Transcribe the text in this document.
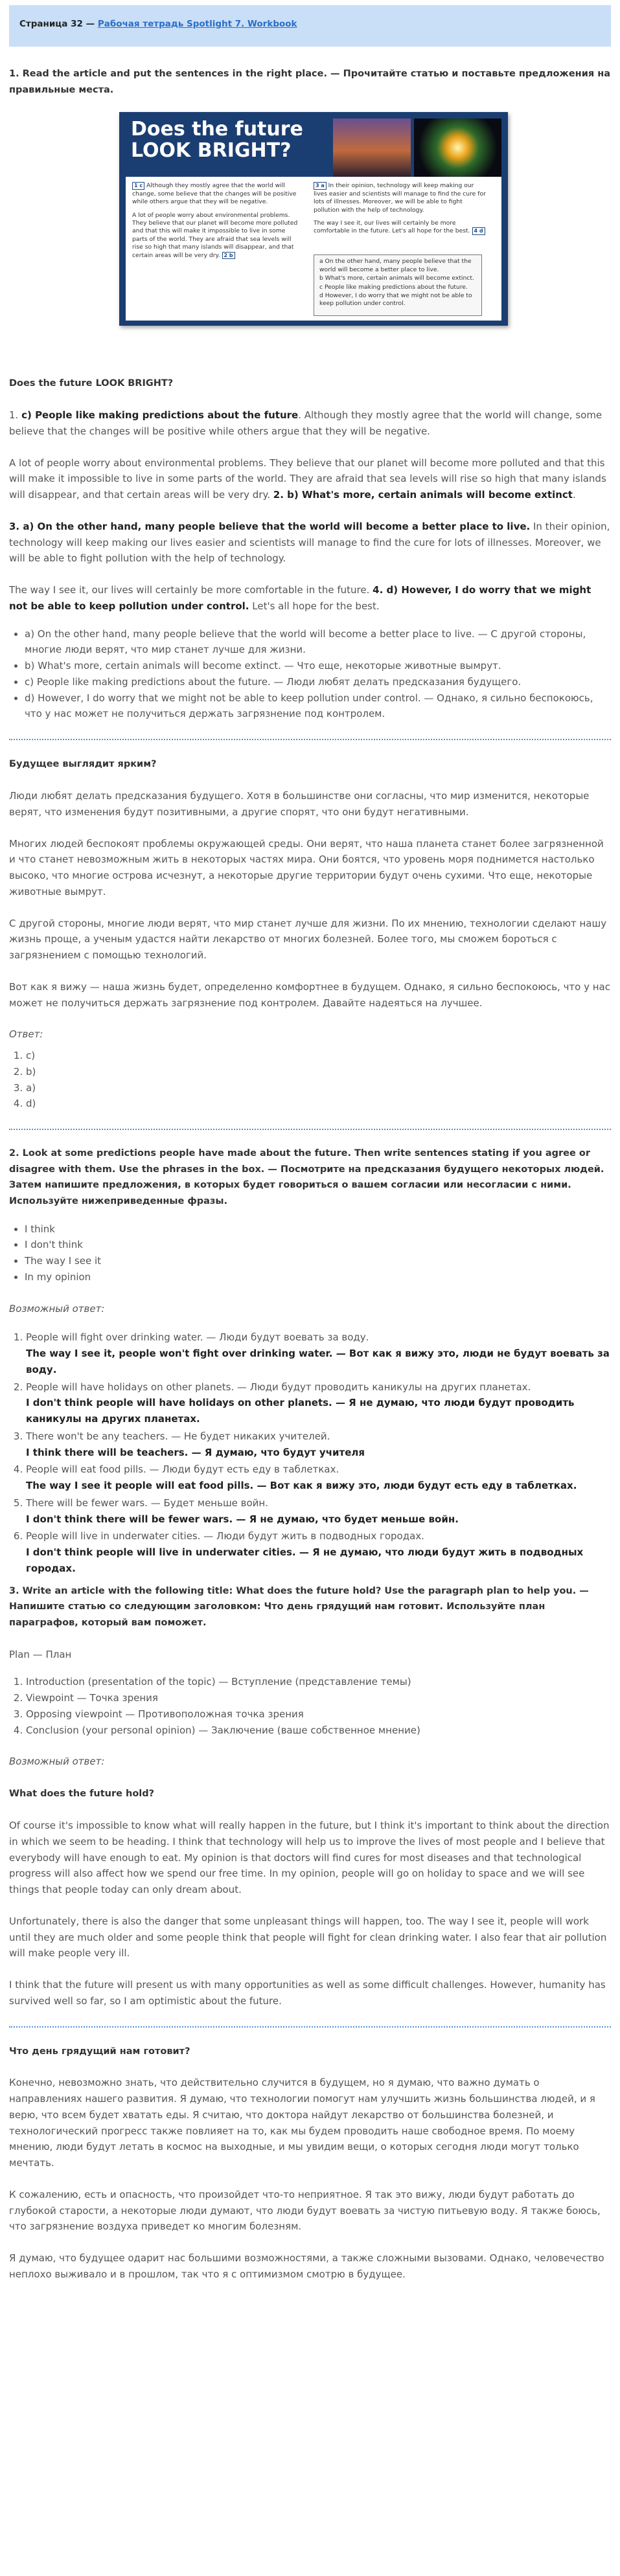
Страница 32 — Рабочая тетрадь Spotlight 7. Workbook
1. Read the article and put the sentences in the right place. — Прочитайте статью и поставьте предложения на правильные места.
Does the future
LOOK BRIGHT?

1 c Although they mostly agree that the world will change, some believe that the changes will be positive while others argue that they will be negative.

A lot of people worry about environmental problems. They believe that our planet will become more polluted and that this will make it impossible to live in some parts of the world. They are afraid that sea levels will rise so high that many islands will disappear, and that certain areas will be very dry. 2 b

3 a In their opinion, technology will keep making our lives easier and scientists will manage to find the cure for lots of illnesses. Moreover, we will be able to fight pollution with the help of technology.

The way I see it, our lives will certainly be more comfortable in the future. Let's all hope for the best. 4 d

a On the other hand, many people believe that the world will become a better place to live.
b What's more, certain animals will become extinct.
c People like making predictions about the future.
d However, I do worry that we might not be able to keep pollution under control.
Does the future LOOK BRIGHT?

1. c) People like making predictions about the future. Although they mostly agree that the world will change, some believe that the changes will be positive while others argue that they will be negative.

A lot of people worry about environmental problems. They believe that our planet will become more polluted and that this will make it impossible to live in some parts of the world. They are afraid that sea levels will rise so high that many islands will disappear, and that certain areas will be very dry. 2. b) What's more, certain animals will become extinct.

3. a) On the other hand, many people believe that the world will become a better place to live. In their opinion, technology will keep making our lives easier and scientists will manage to find the cure for lots of illnesses. Moreover, we will be able to fight pollution with the help of technology.

The way I see it, our lives will certainly be more comfortable in the future. 4. d) However, I do worry that we might not be able to keep pollution under control. Let's all hope for the best.

• a) On the other hand, many people believe that the world will become a better place to live. — С другой стороны, многие люди верят, что мир станет лучше для жизни.
• b) What's more, certain animals will become extinct. — Что еще, некоторые животные вымрут.
• c) People like making predictions about the future. — Люди любят делать предсказания будущего.
• d) However, I do worry that we might not be able to keep pollution under control. — Однако, я сильно беспокоюсь, что у нас может не получиться держать загрязнение под контролем.
Будущее выглядит ярким?

Люди любят делать предсказания будущего. Хотя в большинстве они согласны, что мир изменится, некоторые верят, что изменения будут позитивными, а другие спорят, что они будут негативными.

Многих людей беспокоят проблемы окружающей среды. Они верят, что наша планета станет более загрязненной и что станет невозможным жить в некоторых частях мира. Они боятся, что уровень моря поднимется настолько высоко, что многие острова исчезнут, а некоторые другие территории будут очень сухими. Что еще, некоторые животные вымрут.

С другой стороны, многие люди верят, что мир станет лучше для жизни. По их мнению, технологии сделают нашу жизнь проще, а ученым удастся найти лекарство от многих болезней. Более того, мы сможем бороться с загрязнением с помощью технологий.

Вот как я вижу — наша жизнь будет, определенно комфортнее в будущем. Однако, я сильно беспокоюсь, что у нас может не получиться держать загрязнение под контролем. Давайте надеяться на лучшее.

Ответ:

1. c)
2. b)
3. a)
4. d)
2. Look at some predictions people have made about the future. Then write sentences stating if you agree or disagree with them. Use the phrases in the box. — Посмотрите на предсказания будущего некоторых людей. Затем напишите предложения, в которых будет говориться о вашем согласии или несогласии с ними. Используйте нижеприведенные фразы.
• I think
• I don't think
• The way I see it
• In my opinion

Возможный ответ:

1. People will fight over drinking water. — Люди будут воевать за воду.
The way I see it, people won't fight over drinking water. — Вот как я вижу это, люди не будут воевать за воду.
2. People will have holidays on other planets. — Люди будут проводить каникулы на других планетах.
I don't think people will have holidays on other planets. — Я не думаю, что люди будут проводить каникулы на других планетах.
3. There won't be any teachers. — Не будет никаких учителей.
I think there will be teachers. — Я думаю, что будут учителя
4. People will eat food pills. — Люди будут есть еду в таблетках.
The way I see it people will eat food pills. — Вот как я вижу это, люди будут есть еду в таблетках.
5. There will be fewer wars. — Будет меньше войн.
I don't think there will be fewer wars. — Я не думаю, что будет меньше войн.
6. People will live in underwater cities. — Люди будут жить в подводных городах.
I don't think people will live in underwater cities. — Я не думаю, что люди будут жить в подводных городах.
3. Write an article with the following title: What does the future hold? Use the paragraph plan to help you. — Напишите статью со следующим заголовком: Что день грядущий нам готовит. Используйте план параграфов, который вам поможет.

Plan — План

1. Introduction (presentation of the topic) — Вступление (представление темы)
2. Viewpoint — Точка зрения
3. Opposing viewpoint — Противоположная точка зрения
4. Conclusion (your personal opinion) — Заключение (ваше собственное мнение)

Возможный ответ:

What does the future hold?

Of course it's impossible to know what will really happen in the future, but I think it's important to think about the direction in which we seem to be heading. I think that technology will help us to improve the lives of most people and I believe that everybody will have enough to eat. My opinion is that doctors will find cures for most diseases and that technological progress will also affect how we spend our free time. In my opinion, people will go on holiday to space and we will see things that people today can only dream about.

Unfortunately, there is also the danger that some unpleasant things will happen, too. The way I see it, people will work until they are much older and some people think that people will fight for clean drinking water. I also fear that air pollution will make people very ill.

I think that the future will present us with many opportunities as well as some difficult challenges. However, humanity has survived well so far, so I am optimistic about the future.

Что день грядущий нам готовит?

Конечно, невозможно знать, что действительно случится в будущем, но я думаю, что важно думать о направлениях нашего развития. Я думаю, что технологии помогут нам улучшить жизнь большинства людей, и я верю, что всем будет хватать еды. Я считаю, что доктора найдут лекарство от большинства болезней, и технологический прогресс также повлияет на то, как мы будем проводить наше свободное время. По моему мнению, люди будут летать в космос на выходные, и мы увидим вещи, о которых сегодня люди могут только мечтать.

К сожалению, есть и опасность, что произойдет что-то неприятное. Я так это вижу, люди будут работать до глубокой старости, а некоторые люди думают, что люди будут воевать за чистую питьевую воду. Я также боюсь, что загрязнение воздуха приведет ко многим болезням.

Я думаю, что будущее одарит нас большими возможностями, а также сложными вызовами. Однако, человечество неплохо выживало и в прошлом, так что я с оптимизмом смотрю в будущее.
